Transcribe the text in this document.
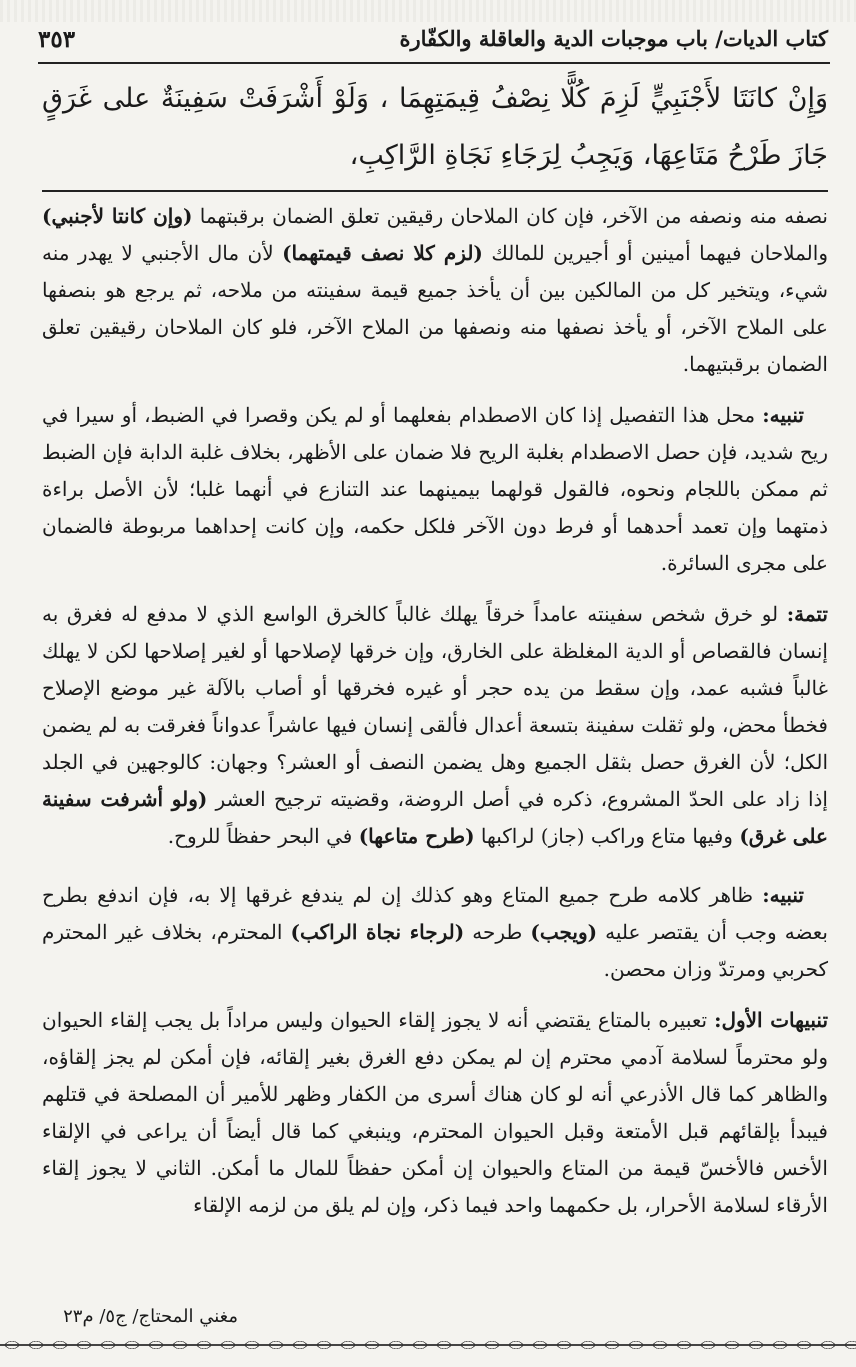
كتاب الديات/ باب موجبات الدية والعاقلة والكفّارة
٣٥٣
وَإِنْ كانَتَا لأَجْنَبِيٍّ لَزِمَ كُلًّا نِصْفُ قِيمَتِهِمَا ، وَلَوْ أَشْرَفَتْ سَفِينَةٌ على غَرَقٍ جَازَ طَرْحُ مَتَاعِهَا، وَيَجِبُ لِرَجَاءِ نَجَاةِ الرَّاكِبِ،

نصفه منه ونصفه من الآخر، فإن كان الملاحان رقيقين تعلق الضمان برقبتهما (وإن كانتا لأجنبي) والملاحان فيهما أمينين أو أجيرين للمالك (لزم كلا نصف قيمتهما) لأن مال الأجنبي لا يهدر منه شيء، ويتخير كل من المالكين بين أن يأخذ جميع قيمة سفينته من ملاحه، ثم يرجع هو بنصفها على الملاح الآخر، أو يأخذ نصفها منه ونصفها من الملاح الآخر، فلو كان الملاحان رقيقين تعلق الضمان برقبتيهما.

تنبيه: محل هذا التفصيل إذا كان الاصطدام بفعلهما أو لم يكن وقصرا في الضبط، أو سيرا في ريح شديد، فإن حصل الاصطدام بغلبة الريح فلا ضمان على الأظهر، بخلاف غلبة الدابة فإن الضبط ثم ممكن باللجام ونحوه، فالقول قولهما بيمينهما عند التنازع في أنهما غلبا؛ لأن الأصل براءة ذمتهما وإن تعمد أحدهما أو فرط دون الآخر فلكل حكمه، وإن كانت إحداهما مربوطة فالضمان على مجرى السائرة.

تتمة: لو خرق شخص سفينته عامداً خرقاً يهلك غالباً كالخرق الواسع الذي لا مدفع له فغرق به إنسان فالقصاص أو الدية المغلظة على الخارق، وإن خرقها لإصلاحها أو لغير إصلاحها لكن لا يهلك غالباً فشبه عمد، وإن سقط من يده حجر أو غيره فخرقها أو أصاب بالآلة غير موضع الإصلاح فخطأ محض، ولو ثقلت سفينة بتسعة أعدال فألقى إنسان فيها عاشراً عدواناً فغرقت به لم يضمن الكل؛ لأن الغرق حصل بثقل الجميع وهل يضمن النصف أو العشر؟ وجهان: كالوجهين في الجلد إذا زاد على الحدّ المشروع، ذكره في أصل الروضة، وقضيته ترجيح العشر (ولو أشرفت سفينة على غرق) وفيها متاع وراكب (جاز) لراكبها (طرح متاعها) في البحر حفظاً للروح.

تنبيه: ظاهر كلامه طرح جميع المتاع وهو كذلك إن لم يندفع غرقها إلا به، فإن اندفع بطرح بعضه وجب أن يقتصر عليه (ويجب) طرحه (لرجاء نجاة الراكب) المحترم، بخلاف غير المحترم كحربي ومرتدّ وزان محصن.

تنبيهات الأول: تعبيره بالمتاع يقتضي أنه لا يجوز إلقاء الحيوان وليس مراداً بل يجب إلقاء الحيوان ولو محترماً لسلامة آدمي محترم إن لم يمكن دفع الغرق بغير إلقائه، فإن أمكن لم يجز إلقاؤه، والظاهر كما قال الأذرعي أنه لو كان هناك أسرى من الكفار وظهر للأمير أن المصلحة في قتلهم فيبدأ بإلقائهم قبل الأمتعة وقبل الحيوان المحترم، وينبغي كما قال أيضاً أن يراعى في الإلقاء الأخس فالأخسّ قيمة من المتاع والحيوان إن أمكن حفظاً للمال ما أمكن. الثاني لا يجوز إلقاء الأرقاء لسلامة الأحرار، بل حكمهما واحد فيما ذكر، وإن لم يلق من لزمه الإلقاء

مغني المحتاج/ ج٥/ م٢٣
